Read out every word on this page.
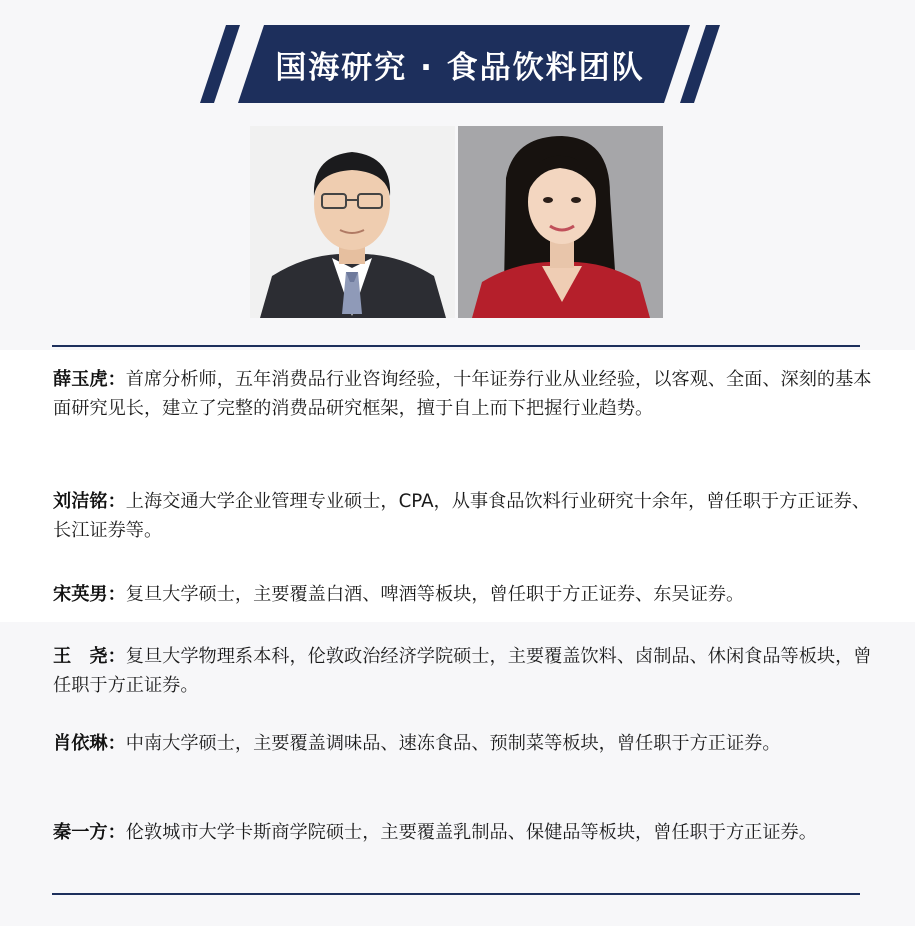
国海研究 · 食品饮料团队
薛玉虎：首席分析师，五年消费品行业咨询经验，十年证券行业从业经验，以客观、全面、深刻的基本面研究见长，建立了完整的消费品研究框架，擅于自上而下把握行业趋势。
刘洁铭：上海交通大学企业管理专业硕士，CPA，从事食品饮料行业研究十余年，曾任职于方正证券、长江证券等。
宋英男：复旦大学硕士，主要覆盖白酒、啤酒等板块，曾任职于方正证券、东吴证券。
王　尧：复旦大学物理系本科，伦敦政治经济学院硕士，主要覆盖饮料、卤制品、休闲食品等板块，曾任职于方正证券。
肖依琳：中南大学硕士，主要覆盖调味品、速冻食品、预制菜等板块，曾任职于方正证券。
秦一方：伦敦城市大学卡斯商学院硕士，主要覆盖乳制品、保健品等板块，曾任职于方正证券。
